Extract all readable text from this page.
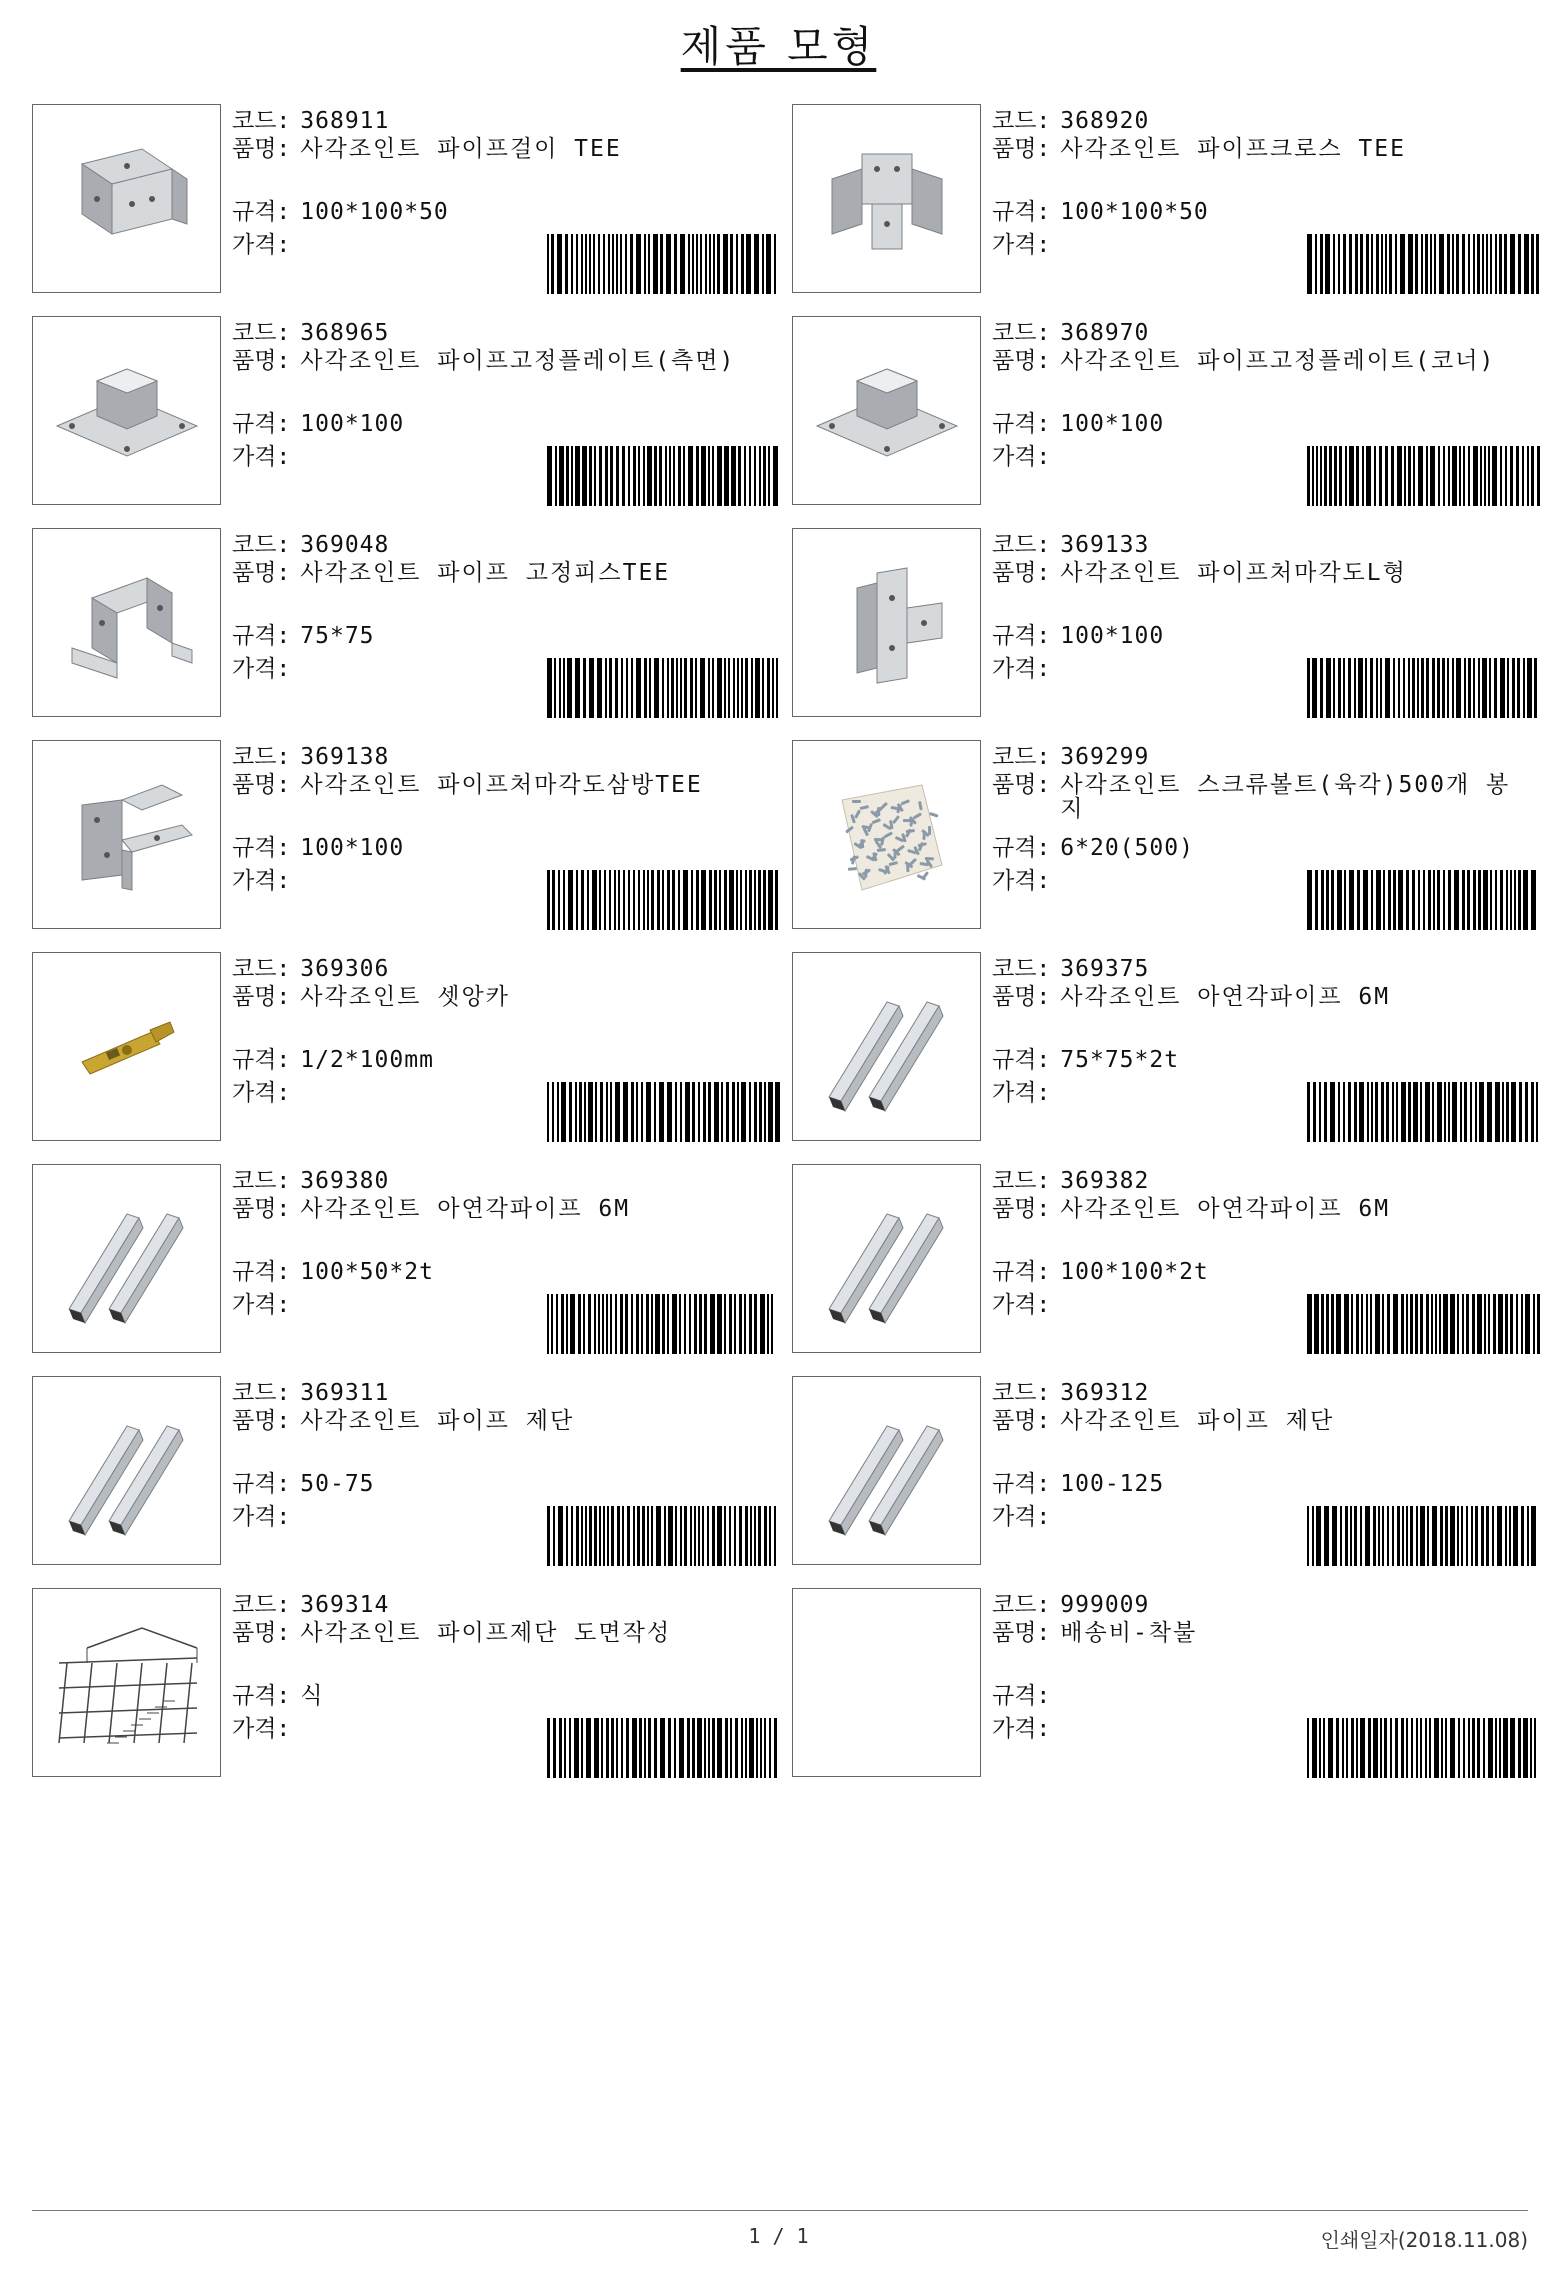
제품 모형
코드: 368911
품명: 사각조인트 파이프걸이 TEE
규격: 100*100*50
가격:
코드: 368920
품명: 사각조인트 파이프크로스 TEE
규격: 100*100*50
가격:
코드: 368965
품명: 사각조인트 파이프고정플레이트(측면)
규격: 100*100
가격:
코드: 368970
품명: 사각조인트 파이프고정플레이트(코너)
규격: 100*100
가격:
코드: 369048
품명: 사각조인트 파이프 고정피스TEE
규격: 75*75
가격:
코드: 369133
품명: 사각조인트 파이프처마각도L형
규격: 100*100
가격:
코드: 369138
품명: 사각조인트 파이프처마각도삼방TEE
규격: 100*100
가격:
코드: 369299
품명: 사각조인트 스크류볼트(육각)500개 봉지
규격: 6*20(500)
가격:
코드: 369306
품명: 사각조인트 셋앙카
규격: 1/2*100mm
가격:
코드: 369375
품명: 사각조인트 아연각파이프 6M
규격: 75*75*2t
가격:
코드: 369380
품명: 사각조인트 아연각파이프 6M
규격: 100*50*2t
가격:
코드: 369382
품명: 사각조인트 아연각파이프 6M
규격: 100*100*2t
가격:
코드: 369311
품명: 사각조인트 파이프 제단
규격: 50-75
가격:
코드: 369312
품명: 사각조인트 파이프 제단
규격: 100-125
가격:
코드: 369314
품명: 사각조인트 파이프제단 도면작성
규격: 식
가격:
코드: 999009
품명: 배송비-착불
규격:
가격:
1 / 1	인쇄일자(2018.11.08)
